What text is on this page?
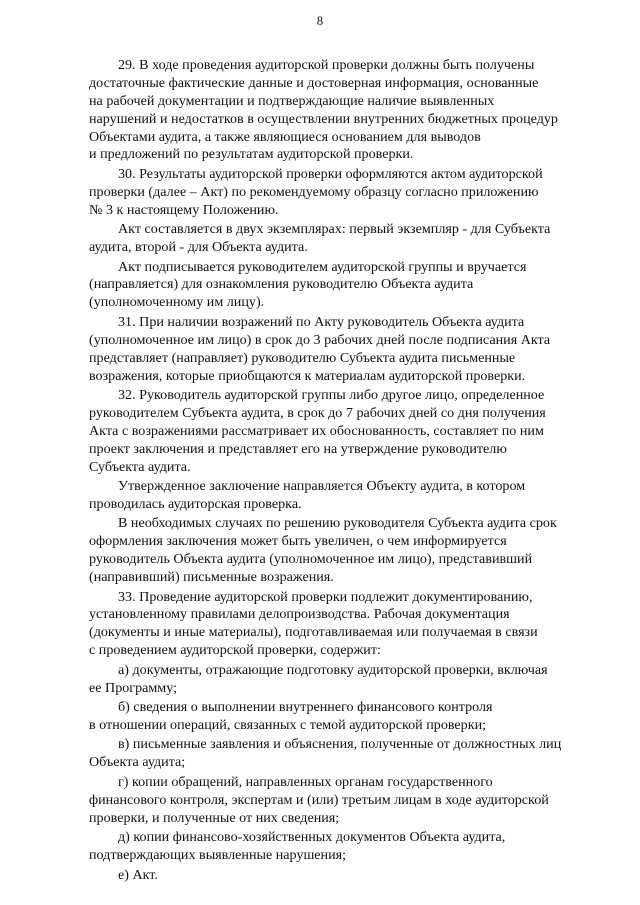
8
29. В ходе проведения аудиторской проверки должны быть получены
достаточные фактические данные и достоверная информация, основанные
на рабочей документации и подтверждающие наличие выявленных
нарушений и недостатков в осуществлении внутренних бюджетных процедур
Объектами аудита, а также являющиеся основанием для выводов
и предложений по результатам аудиторской проверки.
30. Результаты аудиторской проверки оформляются актом аудиторской
проверки (далее – Акт) по рекомендуемому образцу согласно приложению
№ 3 к настоящему Положению.
Акт составляется в двух экземплярах: первый экземпляр - для Субъекта
аудита, второй - для Объекта аудита.
Акт подписывается руководителем аудиторской группы и вручается
(направляется) для ознакомления руководителю Объекта аудита
(уполномоченному им лицу).
31. При наличии возражений по Акту руководитель Объекта аудита
(уполномоченное им лицо) в срок до 3 рабочих дней после подписания Акта
представляет (направляет) руководителю Субъекта аудита письменные
возражения, которые приобщаются к материалам аудиторской проверки.
32. Руководитель аудиторской группы либо другое лицо, определенное
руководителем Субъекта аудита, в срок до 7 рабочих дней со дня получения
Акта с возражениями рассматривает их обоснованность, составляет по ним
проект заключения и представляет его на утверждение руководителю
Субъекта аудита.
Утвержденное заключение направляется Объекту аудита, в котором
проводилась аудиторская проверка.
В необходимых случаях по решению руководителя Субъекта аудита срок
оформления заключения может быть увеличен, о чем информируется
руководитель Объекта аудита (уполномоченное им лицо), представивший
(направивший) письменные возражения.
33. Проведение аудиторской проверки подлежит документированию,
установленному правилами делопроизводства. Рабочая документация
(документы и иные материалы), подготавливаемая или получаемая в связи
с проведением аудиторской проверки, содержит:
а) документы, отражающие подготовку аудиторской проверки, включая
ее Программу;
б) сведения о выполнении внутреннего финансового контроля
в отношении операций, связанных с темой аудиторской проверки;
в) письменные заявления и объяснения, полученные от должностных лиц
Объекта аудита;
г) копии обращений, направленных органам государственного
финансового контроля, экспертам и (или) третьим лицам в ходе аудиторской
проверки, и полученные от них сведения;
д) копии финансово-хозяйственных документов Объекта аудита,
подтверждающих выявленные нарушения;
е) Акт.
